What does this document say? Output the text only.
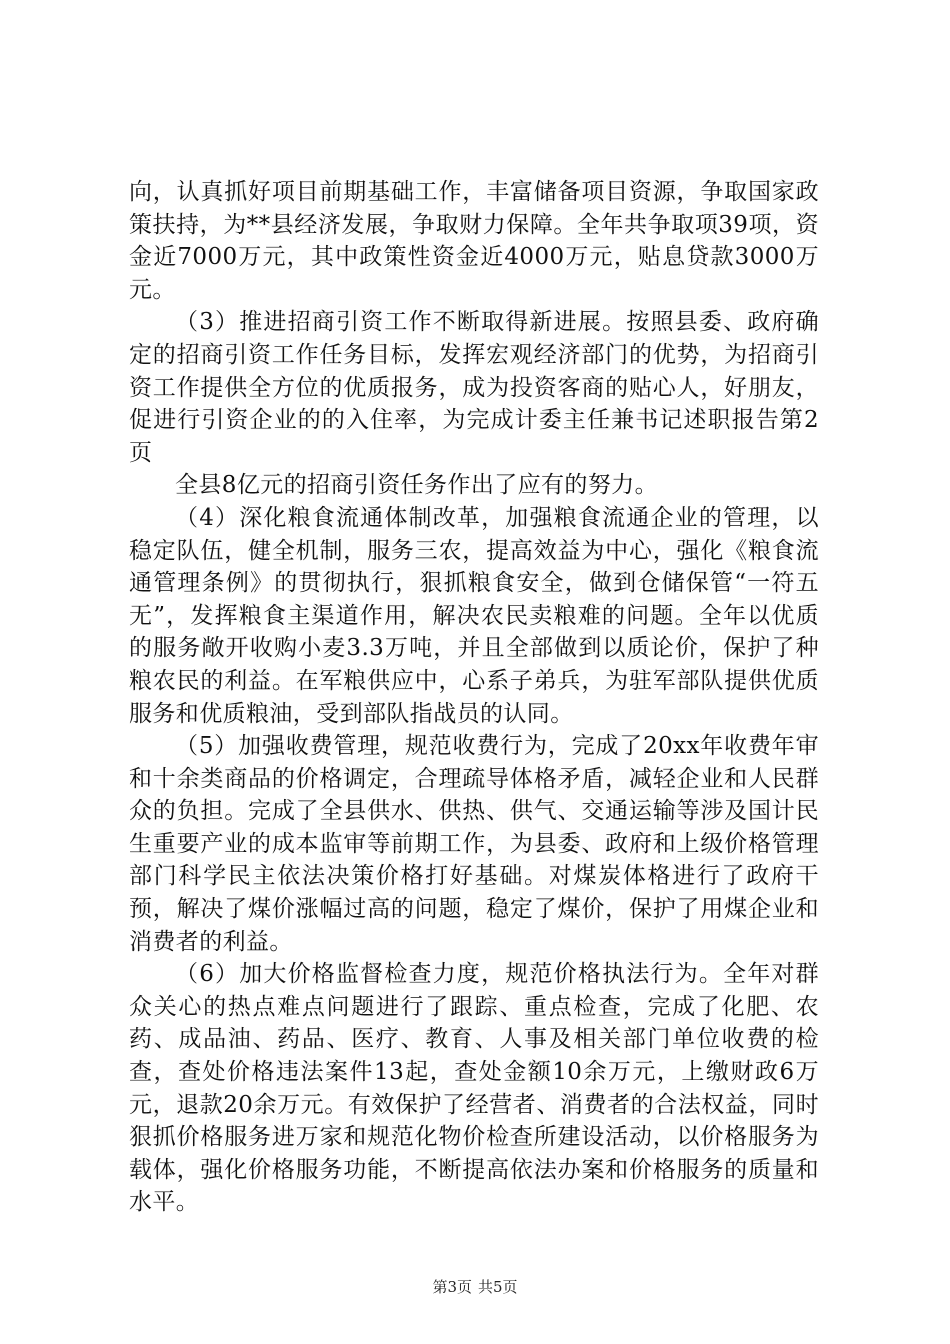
向，认真抓好项目前期基础工作，丰富储备项目资源，争取国家政策扶持，为**县经济发展，争取财力保障。全年共争取项39项，资金近7000万元，其中政策性资金近4000万元，贴息贷款3000万元。

（3）推进招商引资工作不断取得新进展。按照县委、政府确定的招商引资工作任务目标，发挥宏观经济部门的优势，为招商引资工作提供全方位的优质报务，成为投资客商的贴心人，好朋友，促进行引资企业的的入住率，为完成计委主任兼书记述职报告第2页

全县8亿元的招商引资任务作出了应有的努力。

（4）深化粮食流通体制改革，加强粮食流通企业的管理，以稳定队伍，健全机制，服务三农，提高效益为中心，强化《粮食流通管理条例》的贯彻执行，狠抓粮食安全，做到仓储保管“一符五无”，发挥粮食主渠道作用，解决农民卖粮难的问题。全年以优质的服务敞开收购小麦3.3万吨，并且全部做到以质论价，保护了种粮农民的利益。在军粮供应中，心系子弟兵，为驻军部队提供优质服务和优质粮油，受到部队指战员的认同。

（5）加强收费管理，规范收费行为，完成了20xx年收费年审和十余类商品的价格调定，合理疏导体格矛盾，减轻企业和人民群众的负担。完成了全县供水、供热、供气、交通运输等涉及国计民生重要产业的成本监审等前期工作，为县委、政府和上级价格管理部门科学民主依法决策价格打好基础。对煤炭体格进行了政府干预，解决了煤价涨幅过高的问题，稳定了煤价，保护了用煤企业和消费者的利益。

（6）加大价格监督检查力度，规范价格执法行为。全年对群众关心的热点难点问题进行了跟踪、重点检查，完成了化肥、农药、成品油、药品、医疗、教育、人事及相关部门单位收费的检查，查处价格违法案件13起，查处金额10余万元，上缴财政6万元，退款20余万元。有效保护了经营者、消费者的合法权益，同时狠抓价格服务进万家和规范化物价检查所建设活动，以价格服务为载体，强化价格服务功能，不断提高依法办案和价格服务的质量和水平。

第3页 共5页
